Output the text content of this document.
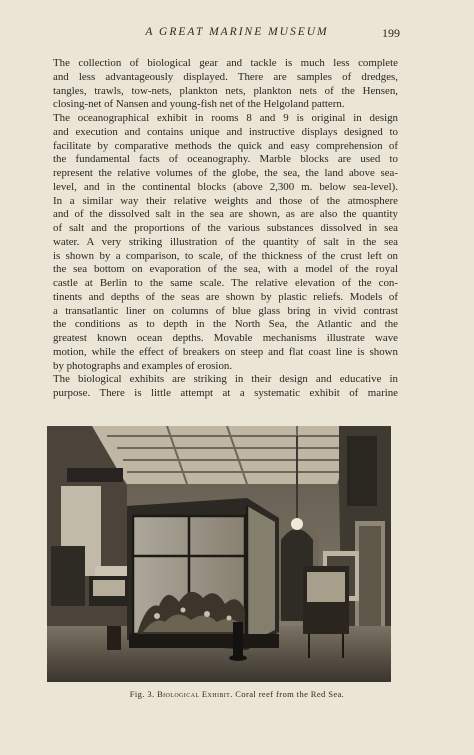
A GREAT MARINE MUSEUM	199

The collection of biological gear and tackle is much less complete
and less advantageously displayed. There are samples of dredges,
tangles, trawls, tow-nets, plankton nets, plankton nets of the Hensen,
closing-net of Nansen and young-fish net of the Helgoland pattern.

The oceanographical exhibit in rooms 8 and 9 is original in design
and execution and contains unique and instructive displays designed to
facilitate by comparative methods the quick and easy comprehension of
the fundamental facts of oceanography. Marble blocks are used to
represent the relative volumes of the globe, the sea, the land above sea-
level, and in the continental blocks (above 2,300 m. below sea-level).
In a similar way their relative weights and those of the atmosphere
and of the dissolved salt in the sea are shown, as are also the quantity
of salt and the proportions of the various substances dissolved in sea
water. A very striking illustration of the quantity of salt in the sea
is shown by a comparison, to scale, of the thickness of the crust left on
the sea bottom on evaporation of the sea, with a model of the royal
castle at Berlin to the same scale. The relative elevation of the con-
tinents and depths of the seas are shown by plastic reliefs. Models of
a transatlantic liner on columns of blue glass bring in vivid contrast
the conditions as to depth in the North Sea, the Atlantic and the
greatest known ocean depths. Movable mechanisms illustrate wave
motion, while the effect of breakers on steep and flat coast line is shown
by photographs and examples of erosion.

The biological exhibits are striking in their design and educative in
purpose. There is little attempt at a systematic exhibit of marine

Fig. 3. Biological Exhibit. Coral reef from the Red Sea.
